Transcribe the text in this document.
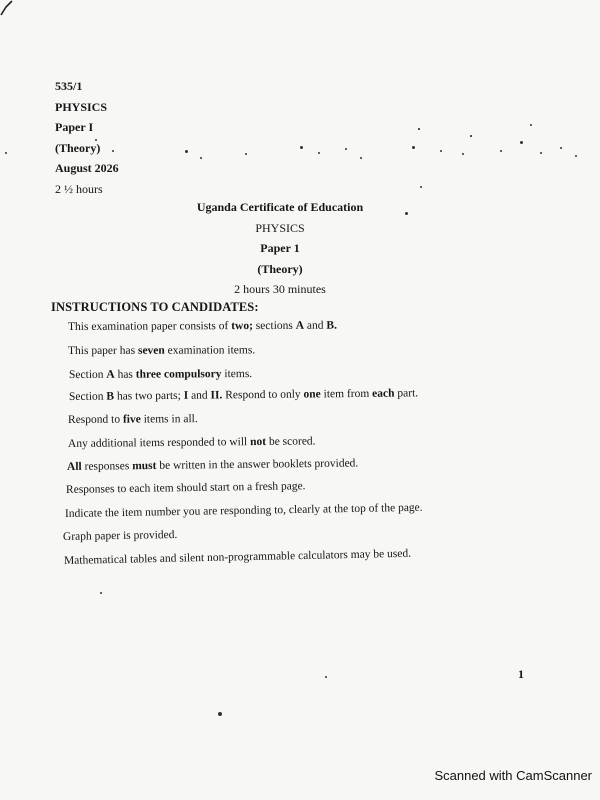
535/1
PHYSICS
Paper I
(Theory)
August 2026
2 ½ hours
Uganda Certificate of Education
PHYSICS
Paper 1
(Theory)
2 hours 30 minutes
INSTRUCTIONS TO CANDIDATES:
This examination paper consists of two; sections A and B.
This paper has seven examination items.
Section A has three compulsory items.
Section B has two parts; I and II. Respond to only one item from each part.
Respond to five items in all.
Any additional items responded to will not be scored.
All responses must be written in the answer booklets provided.
Responses to each item should start on a fresh page.
Indicate the item number you are responding to, clearly at the top of the page.
Graph paper is provided.
Mathematical tables and silent non-programmable calculators may be used.
1
Scanned with CamScanner
